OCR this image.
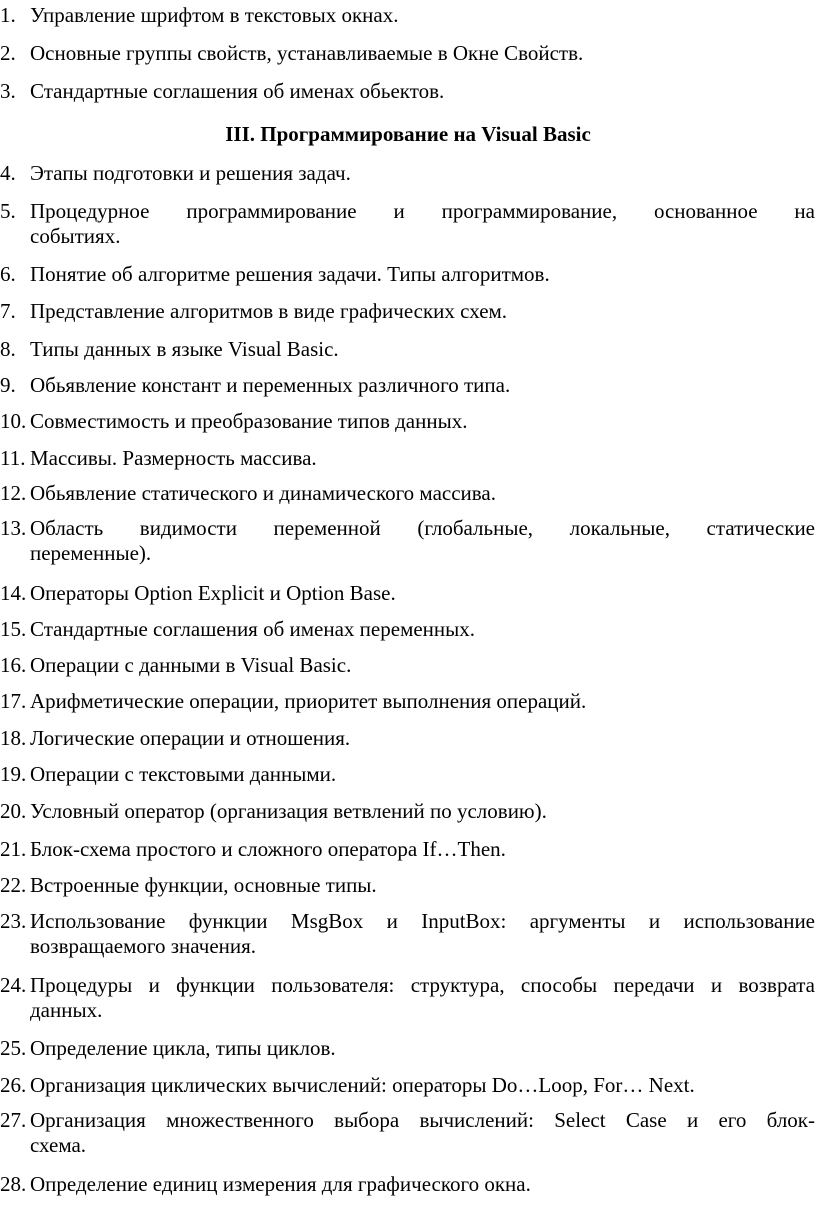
1. Управление шрифтом в текстовых окнах.
2. Основные группы свойств, устанавливаемые в Окне Свойств.
3. Стандартные соглашения об именах обьектов.
III. Программирование на Visual Basic
4. Этапы подготовки и решения задач.
5. Процедурное программирование и программирование, основанное на
событиях.
6. Понятие об алгоритме решения задачи. Типы алгоритмов.
7. Представление алгоритмов в виде графических схем.
8. Типы данных в языке Visual Basic.
9. Обьявление констант и переменных различного типа.
10. Совместимость и преобразование типов данных.
11. Массивы. Размерность массива.
12. Обьявление статического и динамического массива.
13. Область видимости переменной (глобальные, локальные, статические
переменные).
14. Операторы Option Explicit и Option Base.
15. Стандартные соглашения об именах переменных.
16. Операции с данными в Visual Basic.
17. Арифметические операции, приоритет выполнения операций.
18. Логические операции и отношения.
19. Операции с текстовыми данными.
20. Условный оператор (организация ветвлений по условию).
21. Блок-схема простого и сложного оператора If…Then.
22. Встроенные функции, основные типы.
23. Использование функции MsgBox и InputBox: аргументы и использование
возвращаемого значения.
24. Процедуры и функции пользователя: структура, способы передачи и возврата
данных.
25. Определение цикла, типы циклов.
26. Организация циклических вычислений: операторы Do…Loop, For… Next.
27. Организация множественного выбора вычислений: Select Case и его блок-
схема.
28. Определение единиц измерения для графического окна.
